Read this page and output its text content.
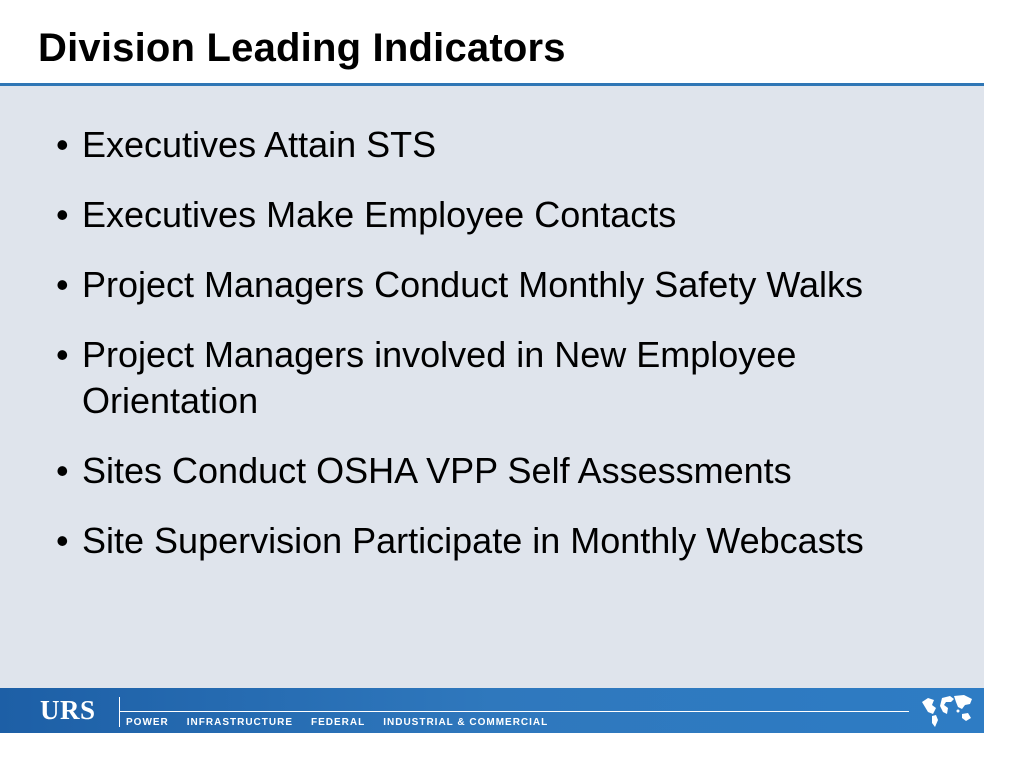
Division Leading Indicators
• Executives Attain STS
• Executives Make Employee Contacts
• Project Managers Conduct Monthly Safety Walks
• Project Managers involved in New Employee Orientation
• Sites Conduct OSHA VPP Self Assessments
• Site Supervision Participate in Monthly Webcasts
URS	POWER INFRASTRUCTURE FEDERAL INDUSTRIAL & COMMERCIAL
